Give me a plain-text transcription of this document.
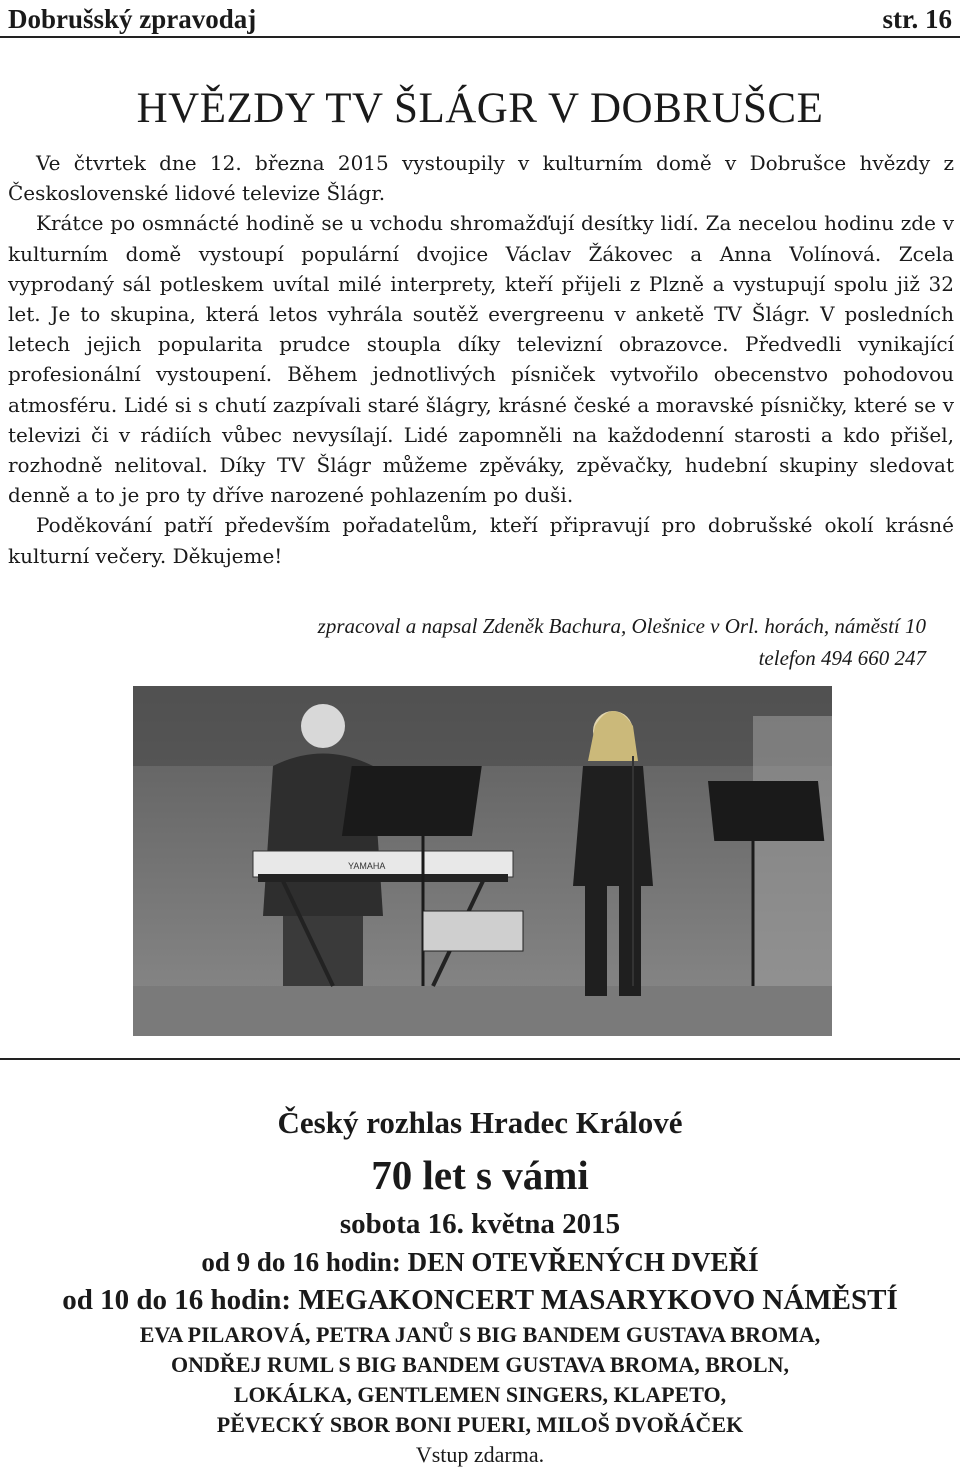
Dobrušský zpravodaj	str. 16
HVĚZDY TV ŠLÁGR V DOBRUŠCE

Ve čtvrtek dne 12. března 2015 vystoupily v kulturním domě v Dobrušce hvězdy z Československé lidové televize Šlágr.

Krátce po osmnácté hodině se u vchodu shromažďují desítky lidí. Za necelou hodinu zde v kulturním domě vystoupí populární dvojice Václav Žákovec a Anna Volínová. Zcela vyprodaný sál potleskem uvítal milé interprety, kteří přijeli z Plzně a vystupují spolu již 32 let. Je to skupina, která letos vyhrála soutěž evergreenu v anketě TV Šlágr. V posledních letech jejich popularita prudce stoupla díky televizní obrazovce. Předvedli vynikající profesionální vystoupení. Během jednotlivých písniček vytvořilo obecenstvo pohodovou atmosféru. Lidé si s chutí zazpívali staré šlágry, krásné české a moravské písničky, které se v televizi či v rádiích vůbec nevysílají. Lidé zapomněli na každodenní starosti a kdo přišel, rozhodně nelitoval. Díky TV Šlágr můžeme zpěváky, zpěvačky, hudební skupiny sledovat denně a to je pro ty dříve narozené pohlazením po duši.

Poděkování patří především pořadatelům, kteří připravují pro dobrušské okolí krásné kulturní večery. Děkujeme!

zpracoval a napsal Zdeněk Bachura, Olešnice v Orl. horách, náměstí 10
telefon 494 660 247
YAMAHA
Český rozhlas Hradec Králové
70 let s vámi
sobota 16. května 2015
od 9 do 16 hodin: DEN OTEVŘENÝCH DVEŘÍ
od 10 do 16 hodin: MEGAKONCERT MASARYKOVO NÁMĚSTÍ
EVA PILAROVÁ, PETRA JANŮ S BIG BANDEM GUSTAVA BROMA,
ONDŘEJ RUML S BIG BANDEM GUSTAVA BROMA, BROLN,
LOKÁLKA, GENTLEMEN SINGERS, KLAPETO,
PĚVECKÝ SBOR BONI PUERI, MILOŠ DVOŘÁČEK
Vstup zdarma.
